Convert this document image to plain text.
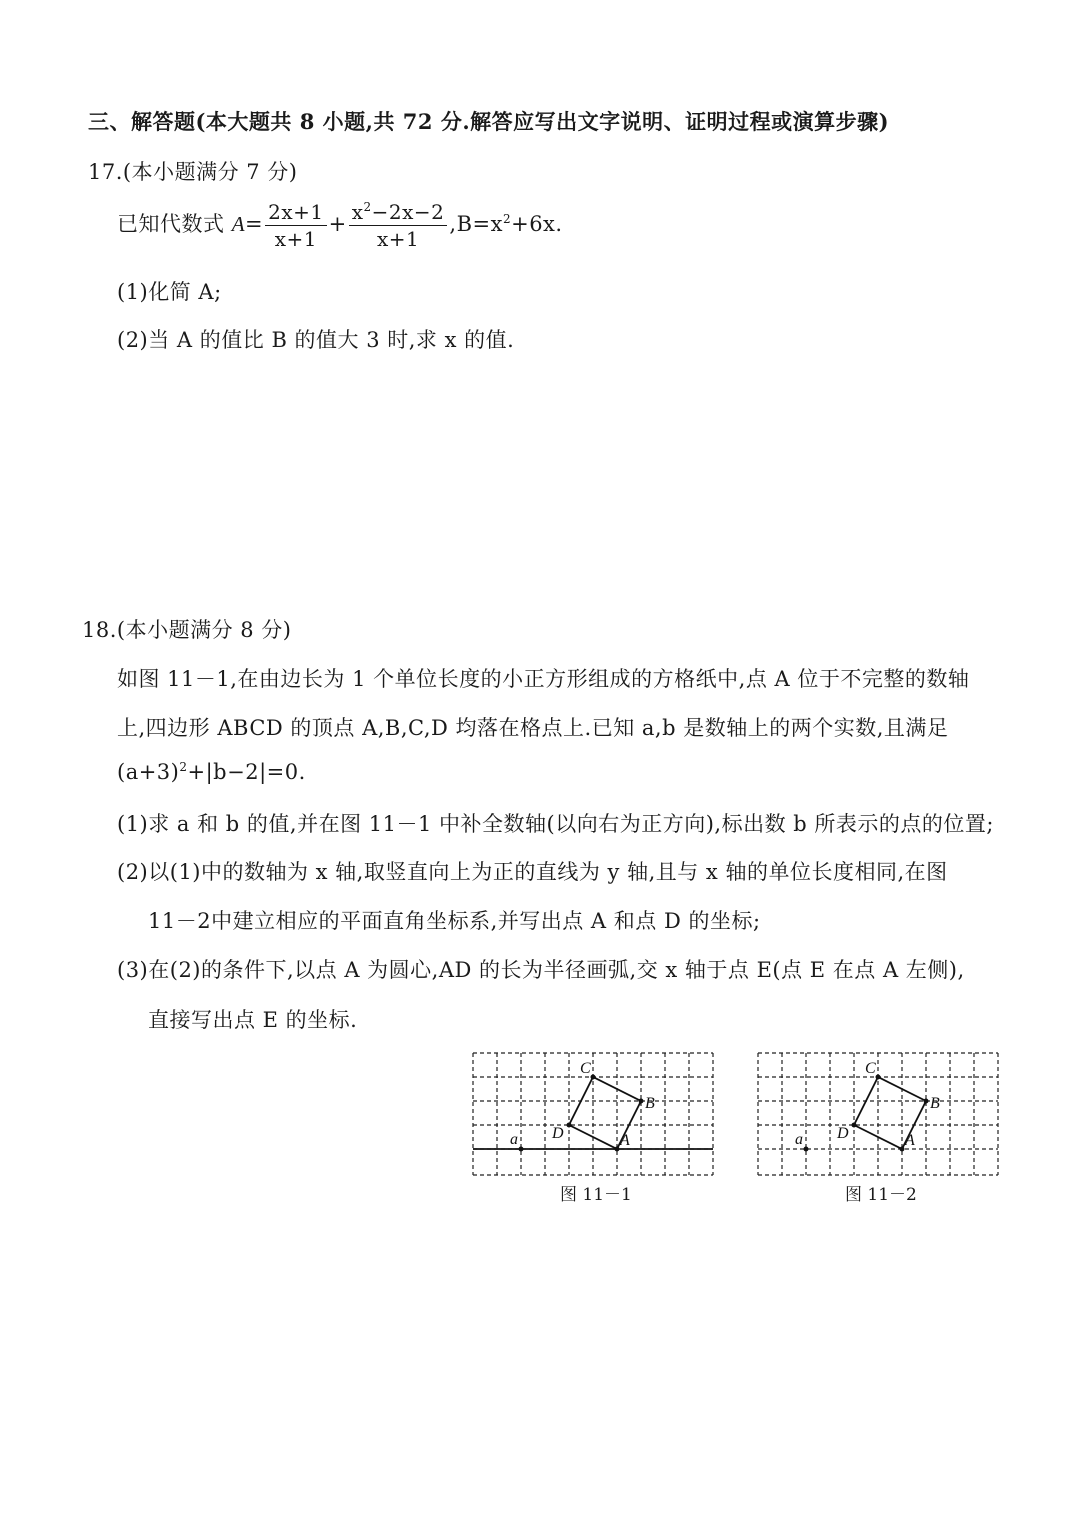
三、解答题(本大题共 8 小题,共 72 分.解答应写出文字说明、证明过程或演算步骤)
17.(本小题满分 7 分)
已知代数式 $A= \frac{2x+1}{x+1} + \frac{x^2-2x-2}{x+1} ,B=x^2+6x$.
(1)化简 A;
(2)当 A 的值比 B 的值大 3 时,求 x 的值.
18.(本小题满分 8 分)
如图 11－1,在由边长为 1 个单位长度的小正方形组成的方格纸中,点 A 位于不完整的数轴
上,四边形 ABCD 的顶点 A,B,C,D 均落在格点上.已知 a,b 是数轴上的两个实数,且满足
$(a+3)^2+|b-2|=0$.
(1)求 a 和 b 的值,并在图 11－1 中补全数轴(以向右为正方向),标出数 b 所表示的点的位置;
(2)以(1)中的数轴为 x 轴,取竖直向上为正的直线为 y 轴,且与 x 轴的单位长度相同,在图
11－2中建立相应的平面直角坐标系,并写出点 A 和点 D 的坐标;
(3)在(2)的条件下,以点 A 为圆心,AD 的长为半径画弧,交 x 轴于点 E(点 E 在点 A 左侧),
直接写出点 E 的坐标.
a	A
B
C
D
图 11－1
a	A
B
C
D
图 11－2
